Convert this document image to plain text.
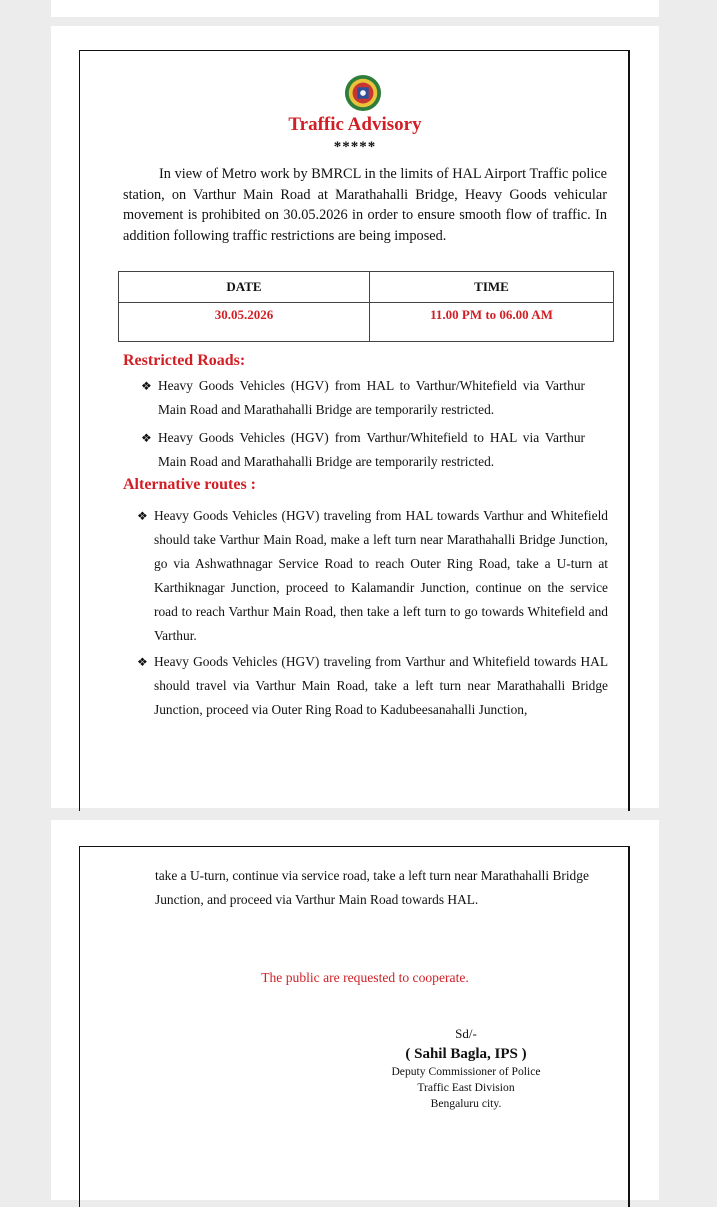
Traffic Advisory
*****
In view of Metro work by BMRCL in the limits of HAL Airport Traffic police station, on Varthur Main Road at Marathahalli Bridge, Heavy Goods vehicular movement is prohibited on 30.05.2026 in order to ensure smooth flow of traffic. In addition following traffic restrictions are being imposed.
DATE	TIME
30.05.2026	11.00 PM to 06.00 AM
Restricted Roads:
❖ Heavy Goods Vehicles (HGV) from HAL to Varthur/Whitefield via Varthur Main Road and Marathahalli Bridge are temporarily restricted.
❖ Heavy Goods Vehicles (HGV) from Varthur/Whitefield to HAL via Varthur Main Road and Marathahalli Bridge are temporarily restricted.
Alternative routes :
❖ Heavy Goods Vehicles (HGV) traveling from HAL towards Varthur and Whitefield should take Varthur Main Road, make a left turn near Marathahalli Bridge Junction, go via Ashwathnagar Service Road to reach Outer Ring Road, take a U-turn at Karthiknagar Junction, proceed to Kalamandir Junction, continue on the service road to reach Varthur Main Road, then take a left turn to go towards Whitefield and Varthur.
❖ Heavy Goods Vehicles (HGV) traveling from Varthur and Whitefield towards HAL should travel via Varthur Main Road, take a left turn near Marathahalli Bridge Junction, proceed via Outer Ring Road to Kadubeesanahalli Junction,
take a U-turn, continue via service road, take a left turn near Marathahalli Bridge Junction, and proceed via Varthur Main Road towards HAL.
The public are requested to cooperate.
Sd/-
( Sahil Bagla, IPS )
Deputy Commissioner of Police
Traffic East Division
Bengaluru city.
